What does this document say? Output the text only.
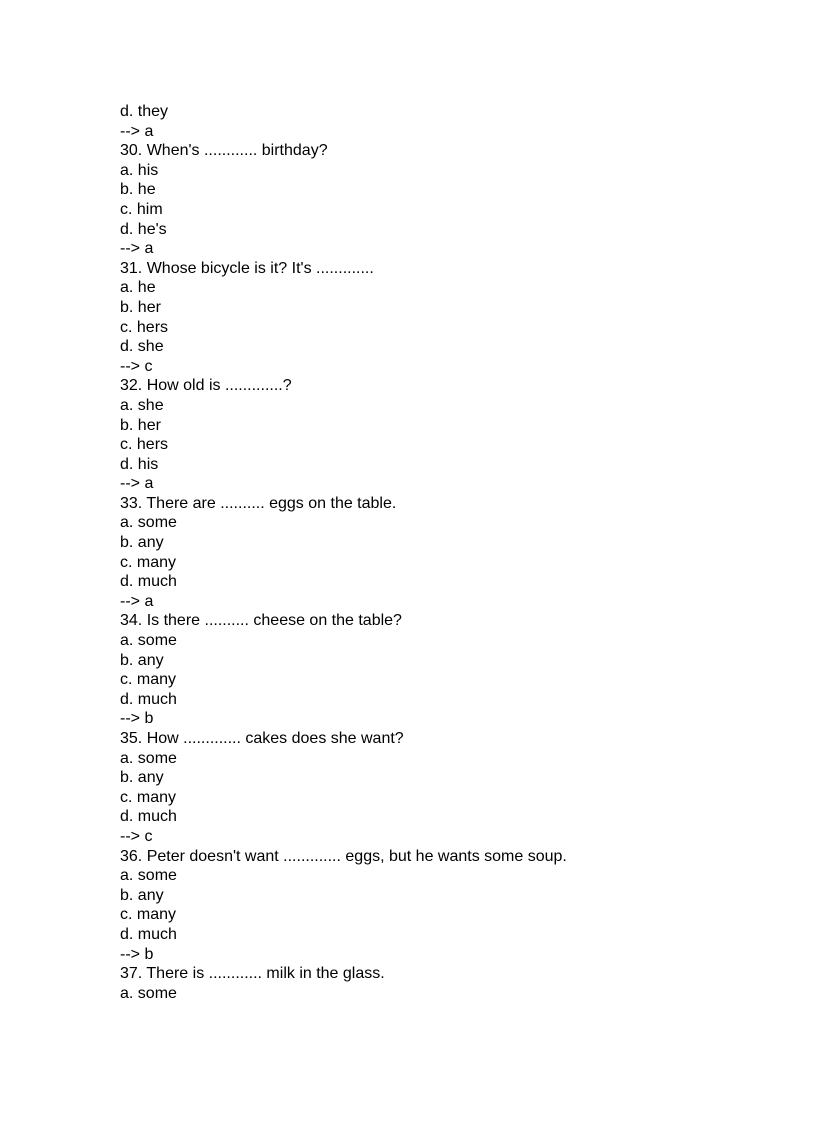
d. they
--> a
30. When's ............ birthday?
a. his
b. he
c. him
d. he's
--> a
31. Whose bicycle is it? It's .............
a. he
b. her
c. hers
d. she
--> c
32. How old is .............?
a. she
b. her
c. hers
d. his
--> a
33. There are .......... eggs on the table.
a. some
b. any
c. many
d. much
--> a
34. Is there .......... cheese on the table?
a. some
b. any
c. many
d. much
--> b
35. How ............. cakes does she want?
a. some
b. any
c. many
d. much
--> c
36. Peter doesn't want ............. eggs, but he wants some soup.
a. some
b. any
c. many
d. much
--> b
37. There is ............ milk in the glass.
a. some
